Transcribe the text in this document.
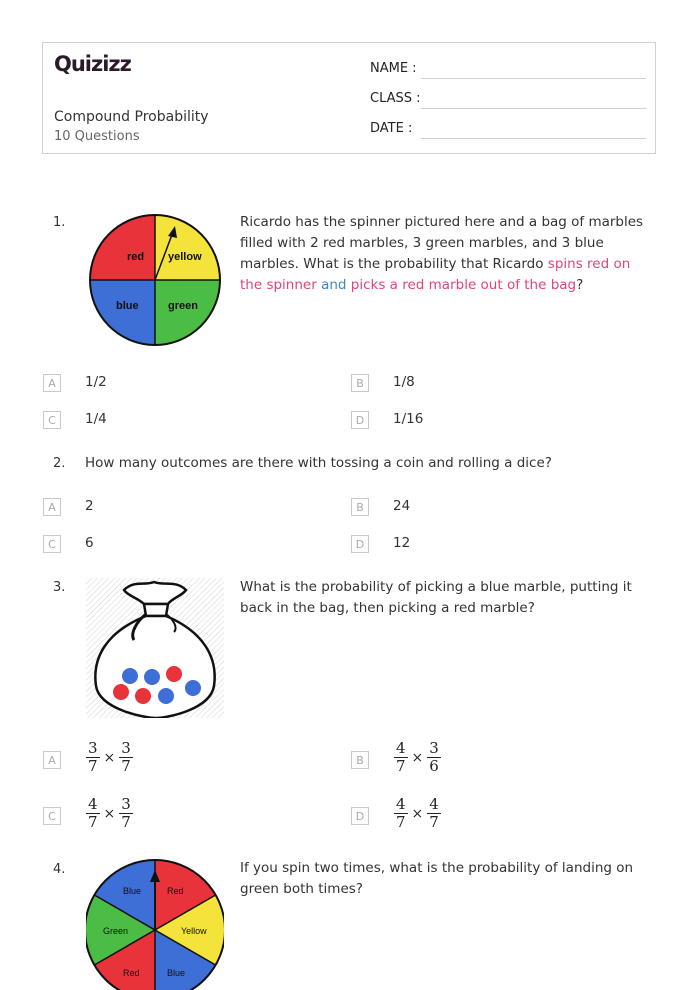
Quizizz
Compound Probability
10 Questions
NAME :
CLASS :
DATE :
1.
red yellow
blue	green
Ricardo has the spinner pictured here and a bag of marbles filled with 2 red marbles, 3 green marbles, and 3 blue marbles. What is the probability that Ricardo spins red on the spinner and picks a red marble out of the bag?
A	1/2	B	1/8
C	1/4	D	1/16
2. How many outcomes are there with tossing a coin and rolling a dice?
A	2	B	24
C	6	D	12
3.	What is the probability of picking a blue marble, putting it back in the bag, then picking a red marble?
A	$\frac{3}{7} \times \frac{3}{7}$	B	$\frac{4}{7} \times \frac{3}{6}$
C	$\frac{4}{7} \times \frac{3}{7}$	D	$\frac{4}{7} \times \frac{4}{7}$
4.
Blue	Red
Green	Yellow
Red	Blue
If you spin two times, what is the probability of landing on green both times?
